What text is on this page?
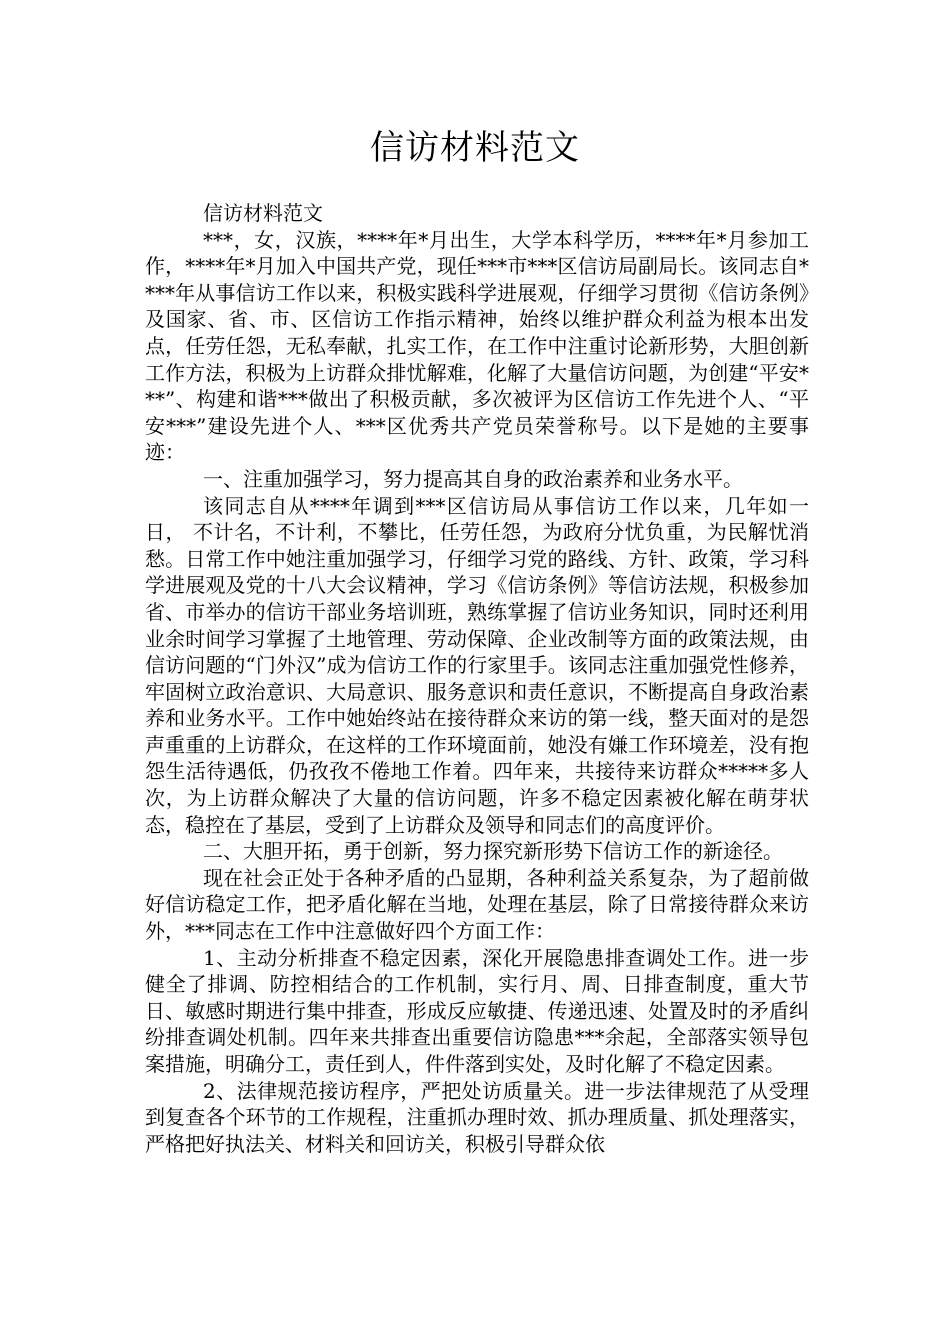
信访材料范文

信访材料范文

***，女，汉族，****年*月出生，大学本科学历，****年*月参加工作，****年*月加入中国共产党，现任***市***区信访局副局长。该同志自****年从事信访工作以来，积极实践科学进展观，仔细学习贯彻《信访条例》及国家、省、市、区信访工作指示精神，始终以维护群众利益为根本出发点，任劳任怨，无私奉献，扎实工作，在工作中注重讨论新形势，大胆创新工作方法，积极为上访群众排忧解难，化解了大量信访问题，为创建“平安***”、构建和谐***做出了积极贡献，多次被评为区信访工作先进个人、“平安***”建设先进个人、***区优秀共产党员荣誉称号。以下是她的主要事迹：

一、注重加强学习，努力提高其自身的政治素养和业务水平。

该同志自从****年调到***区信访局从事信访工作以来，几年如一日， 不计名，不计利，不攀比，任劳任怨，为政府分忧负重，为民解忧消愁。日常工作中她注重加强学习，仔细学习党的路线、方针、政策，学习科学进展观及党的十八大会议精神，学习《信访条例》等信访法规，积极参加省、市举办的信访干部业务培训班，熟练掌握了信访业务知识，同时还利用业余时间学习掌握了土地管理、劳动保障、企业改制等方面的政策法规，由信访问题的“门外汉”成为信访工作的行家里手。该同志注重加强党性修养，牢固树立政治意识、大局意识、服务意识和责任意识，不断提高自身政治素养和业务水平。工作中她始终站在接待群众来访的第一线，整天面对的是怨声重重的上访群众，在这样的工作环境面前，她没有嫌工作环境差，没有抱怨生活待遇低，仍孜孜不倦地工作着。四年来，共接待来访群众*****多人次，为上访群众解决了大量的信访问题，许多不稳定因素被化解在萌芽状态，稳控在了基层，受到了上访群众及领导和同志们的高度评价。

二、大胆开拓，勇于创新，努力探究新形势下信访工作的新途径。

现在社会正处于各种矛盾的凸显期，各种利益关系复杂，为了超前做好信访稳定工作，把矛盾化解在当地，处理在基层，除了日常接待群众来访外，***同志在工作中注意做好四个方面工作：

1、主动分析排查不稳定因素，深化开展隐患排查调处工作。进一步健全了排调、防控相结合的工作机制，实行月、周、日排查制度，重大节日、敏感时期进行集中排查，形成反应敏捷、传递迅速、处置及时的矛盾纠纷排查调处机制。四年来共排查出重要信访隐患***余起，全部落实领导包案措施，明确分工，责任到人，件件落到实处，及时化解了不稳定因素。

2、法律规范接访程序，严把处访质量关。进一步法律规范了从受理到复查各个环节的工作规程，注重抓办理时效、抓办理质量、抓处理落实，严格把好执法关、材料关和回访关，积极引导群众依
